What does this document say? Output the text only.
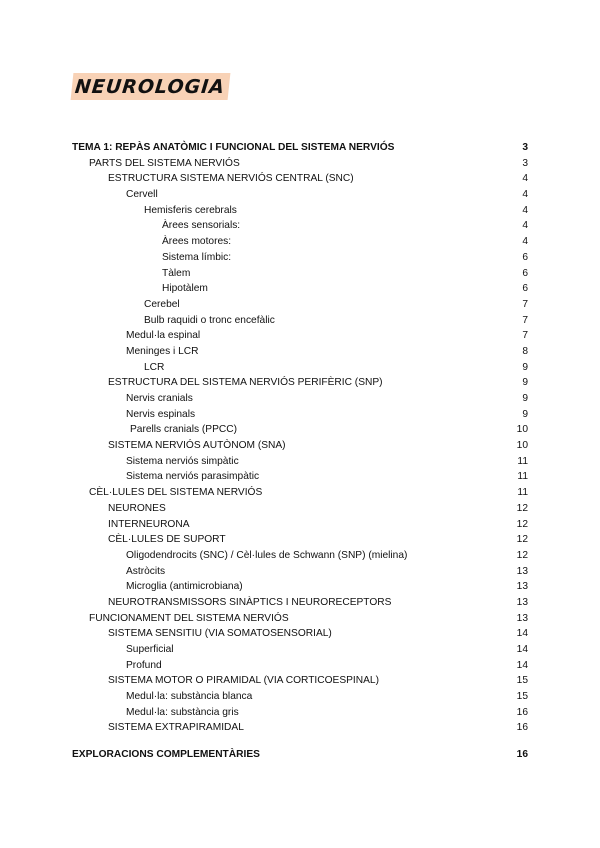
NEUROLOGIA
TEMA 1: REPÀS ANATÒMIC I FUNCIONAL DEL SISTEMA NERVIÓS	3
PARTS DEL SISTEMA NERVIÓS	3
ESTRUCTURA SISTEMA NERVIÓS CENTRAL (SNC)	4
Cervell	4
Hemisferis cerebrals	4
Àrees sensorials:	4
Àrees motores:	4
Sistema límbic:	6
Tàlem	6
Hipotàlem	6
Cerebel	7
Bulb raquidi o tronc encefàlic	7
Medul·la espinal	7
Meninges i LCR	8
LCR	9
ESTRUCTURA DEL SISTEMA NERVIÓS PERIFÈRIC (SNP)	9
Nervis cranials	9
Nervis espinals	9
Parells cranials (PPCC)	10
SISTEMA NERVIÓS AUTÒNOM (SNA)	10
Sistema nerviós simpàtic	11
Sistema nerviós parasimpàtic	11
CÈL·LULES DEL SISTEMA NERVIÓS	11
NEURONES	12
INTERNEURONA	12
CÈL·LULES DE SUPORT	12
Oligodendrocits (SNC) / Cèl·lules de Schwann (SNP) (mielina)	12
Astròcits	13
Microglia (antimicrobiana)	13
NEUROTRANSMISSORS SINÀPTICS I NEURORECEPTORS	13
FUNCIONAMENT DEL SISTEMA NERVIÓS	13
SISTEMA SENSITIU (VIA SOMATOSENSORIAL)	14
Superficial	14
Profund	14
SISTEMA MOTOR O PIRAMIDAL (VIA CORTICOESPINAL)	15
Medul·la: substància blanca	15
Medul·la: substància gris	16
SISTEMA EXTRAPIRAMIDAL	16
EXPLORACIONS COMPLEMENTÀRIES	16
